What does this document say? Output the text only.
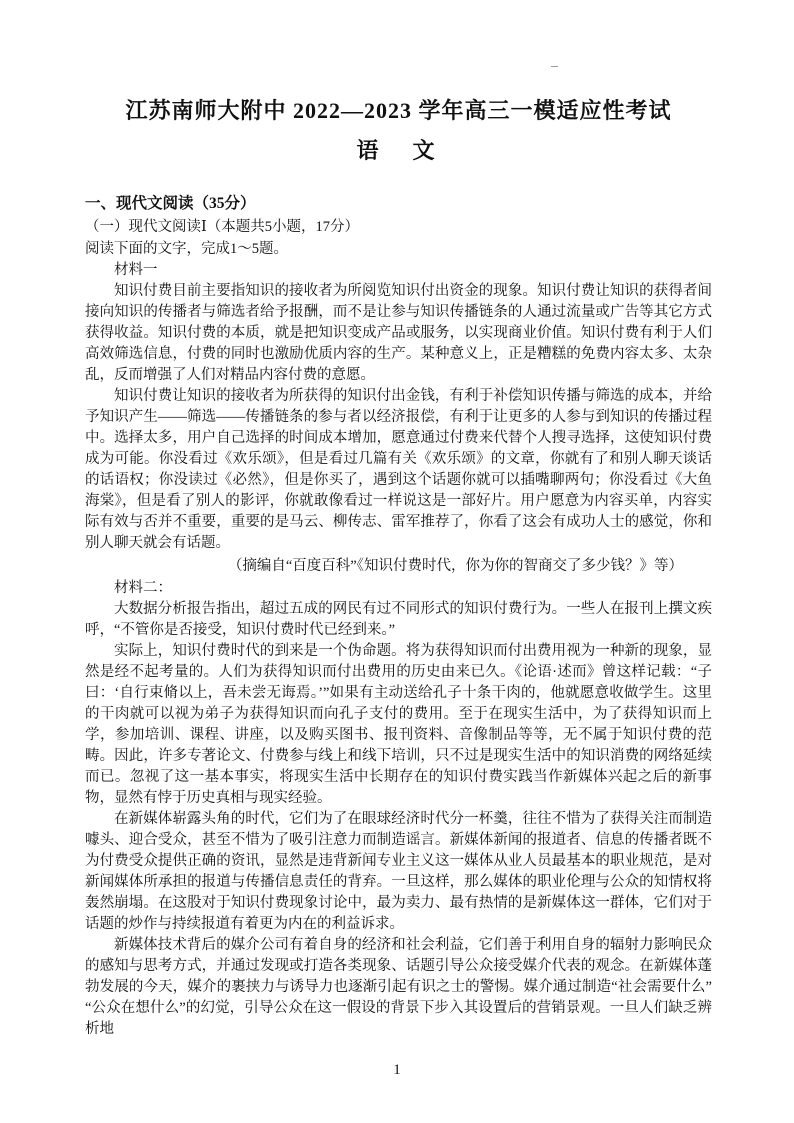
江苏南师大附中 2022—2023 学年高三一模适应性考试
语　文
一、现代文阅读（35分）
（一）现代文阅读Ⅰ（本题共5小题，17分）
阅读下面的文字，完成1～5题。
材料一

知识付费目前主要指知识的接收者为所阅览知识付出资金的现象。知识付费让知识的获得者间接向知识的传播者与筛选者给予报酬，而不是让参与知识传播链条的人通过流量或广告等其它方式获得收益。知识付费的本质，就是把知识变成产品或服务，以实现商业价值。知识付费有利于人们高效筛选信息，付费的同时也激励优质内容的生产。某种意义上，正是糟糕的免费内容太多、太杂乱，反而增强了人们对精品内容付费的意愿。

知识付费让知识的接收者为所获得的知识付出金钱，有利于补偿知识传播与筛选的成本，并给予知识产生——筛选——传播链条的参与者以经济报偿，有利于让更多的人参与到知识的传播过程中。选择太多，用户自己选择的时间成本增加，愿意通过付费来代替个人搜寻选择，这使知识付费成为可能。你没看过《欢乐颂》，但是看过几篇有关《欢乐颂》的文章，你就有了和别人聊天谈话的话语权；你没读过《必然》，但是你买了，遇到这个话题你就可以插嘴聊两句；你没看过《大鱼海棠》，但是看了别人的影评，你就敢像看过一样说这是一部好片。用户愿意为内容买单，内容实际有效与否并不重要，重要的是马云、柳传志、雷军推荐了，你看了这会有成功人士的感觉，你和别人聊天就会有话题。

（摘编自“百度百科”《知识付费时代，你为你的智商交了多少钱？》等）

材料二：

大数据分析报告指出，超过五成的网民有过不同形式的知识付费行为。一些人在报刊上撰文疾呼，“不管你是否接受，知识付费时代已经到来。”

实际上，知识付费时代的到来是一个伪命题。将为获得知识而付出费用视为一种新的现象，显然是经不起考量的。人们为获得知识而付出费用的历史由来已久。《论语·述而》曾这样记载：“子曰：‘自行束脩以上，吾未尝无诲焉。’”如果有主动送给孔子十条干肉的，他就愿意收做学生。这里的干肉就可以视为弟子为获得知识而向孔子支付的费用。至于在现实生活中，为了获得知识而上学，参加培训、课程、讲座，以及购买图书、报刊资料、音像制品等等，无不属于知识付费的范畴。因此，许多专著论文、付费参与线上和线下培训，只不过是现实生活中的知识消费的网络延续而已。忽视了这一基本事实，将现实生活中长期存在的知识付费实践当作新媒体兴起之后的新事物，显然有悖于历史真相与现实经验。

在新媒体崭露头角的时代，它们为了在眼球经济时代分一杯羹，往往不惜为了获得关注而制造噱头、迎合受众，甚至不惜为了吸引注意力而制造谣言。新媒体新闻的报道者、信息的传播者既不为付费受众提供正确的资讯，显然是违背新闻专业主义这一媒体从业人员最基本的职业规范，是对新闻媒体所承担的报道与传播信息责任的背弃。一旦这样，那么媒体的职业伦理与公众的知情权将轰然崩塌。在这股对于知识付费现象讨论中，最为卖力、最有热情的是新媒体这一群体，它们对于话题的炒作与持续报道有着更为内在的利益诉求。

新媒体技术背后的媒介公司有着自身的经济和社会利益，它们善于利用自身的辐射力影响民众的感知与思考方式，并通过发现或打造各类现象、话题引导公众接受媒介代表的观念。在新媒体蓬勃发展的今天，媒介的裹挟力与诱导力也逐渐引起有识之士的警惕。媒介通过制造“社会需要什么”“公众在想什么”的幻觉，引导公众在这一假设的背景下步入其设置后的营销景观。一旦人们缺乏辨析地

1
